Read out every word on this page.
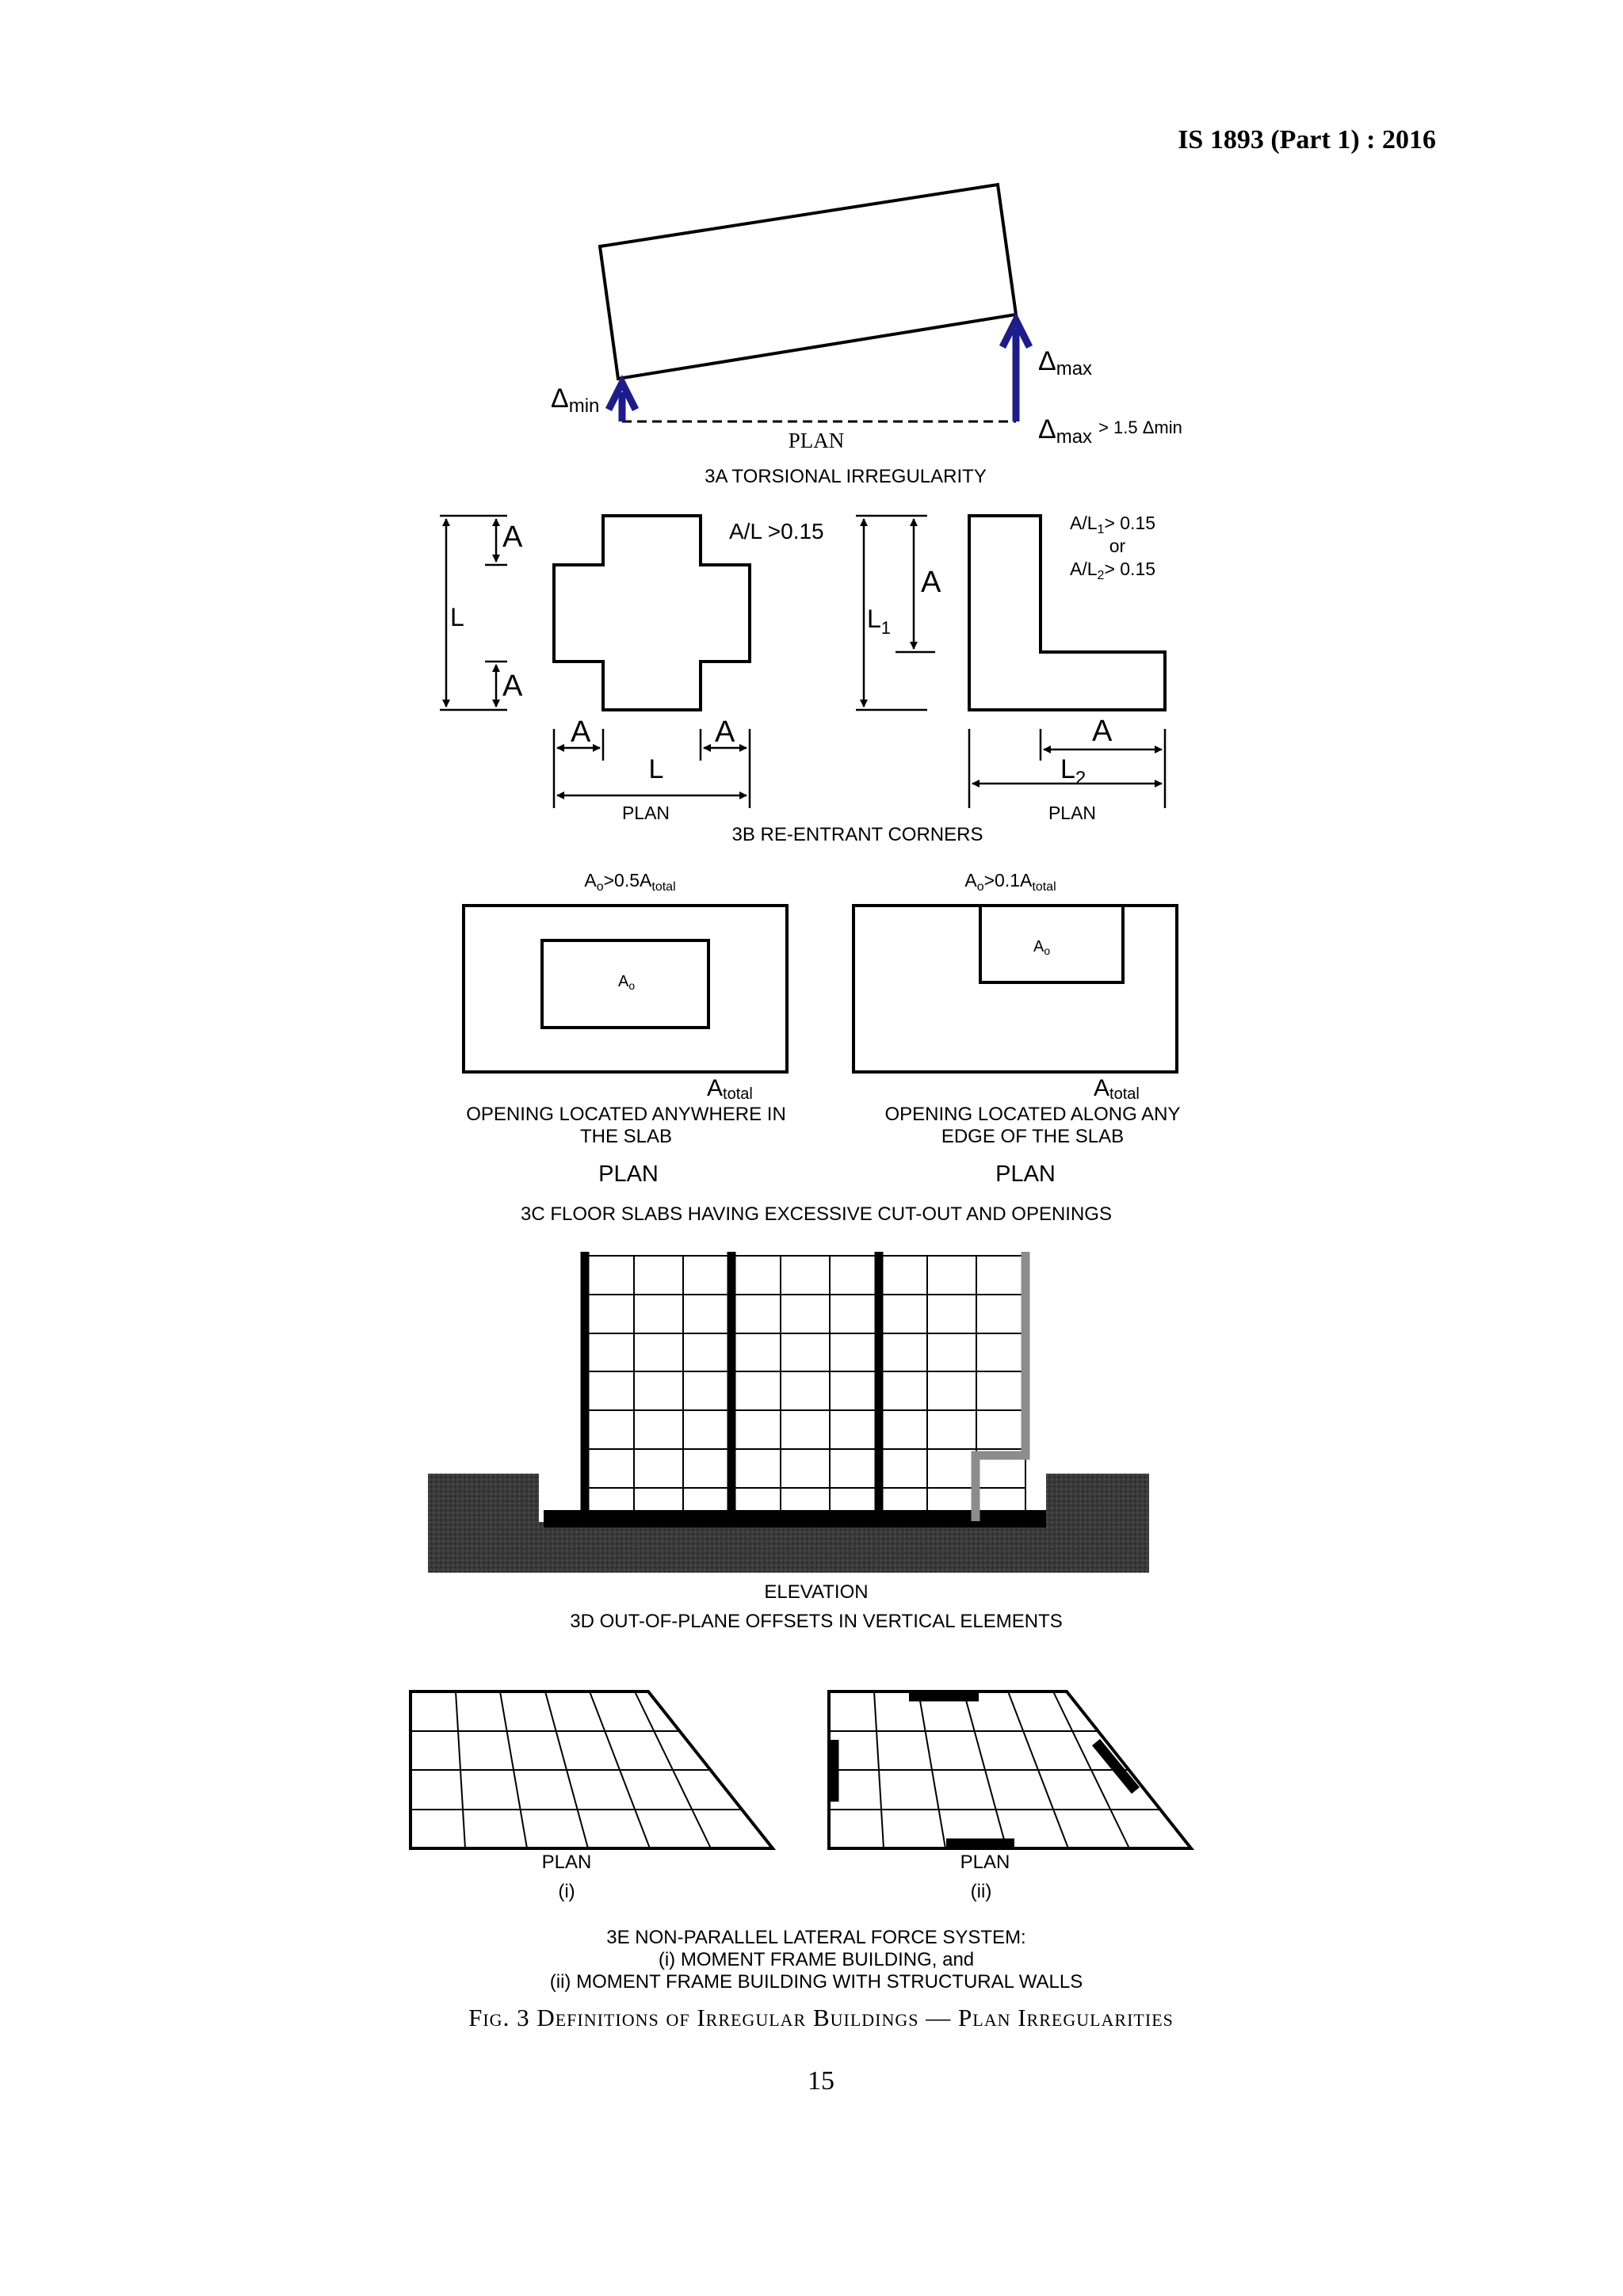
IS 1893 (Part 1) : 2016
Δmin
Δmax
Δmax $^{> 1.5 \Delta min}$
PLAN
3A TORSIONAL IRREGULARITY
A
L
A
A	A
L
A/L >0.15
PLAN
$L_1$
A
A
$L_2$
$A/L_1> 0.15$
or
$A/L_2> 0.15$
PLAN
3B RE-ENTRANT CORNERS
$A_o>0.5A_{total}$	$A_o>0.1A_{total}$
$A_o$
Atotal
$A_o$
Atotal
OPENING LOCATED ANYWHERE IN
THE SLAB
OPENING LOCATED ALONG ANY
EDGE OF THE SLAB
PLAN	PLAN
3C FLOOR SLABS HAVING EXCESSIVE CUT-OUT AND OPENINGS
ELEVATION
3D OUT-OF-PLANE OFFSETS IN VERTICAL ELEMENTS
PLAN
(i)
PLAN
(ii)
3E NON-PARALLEL LATERAL FORCE SYSTEM:
(i) MOMENT FRAME BUILDING, and
(ii) MOMENT FRAME BUILDING WITH STRUCTURAL WALLS
Fig. 3 Definitions of Irregular Buildings — Plan Irregularities
15
